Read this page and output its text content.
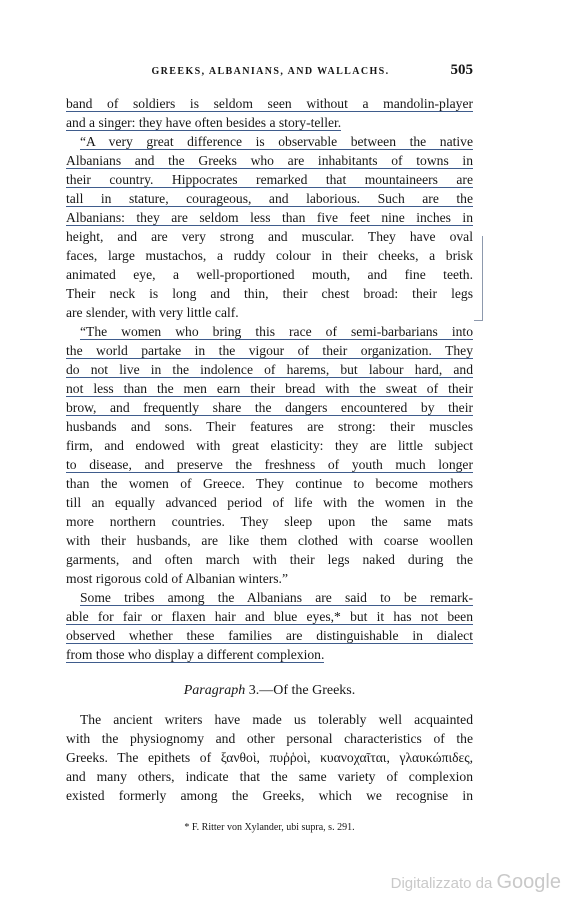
GREEKS, ALBANIANS, AND WALLACHS.	505
band of soldiers is seldom seen without a mandolin-player
and a singer: they have often besides a story-teller.
“A very great difference is observable between the native
Albanians and the Greeks who are inhabitants of towns in
their country. Hippocrates remarked that mountaineers are
tall in stature, courageous, and laborious. Such are the
Albanians: they are seldom less than five feet nine inches in
height, and are very strong and muscular. They have oval
faces, large mustachos, a ruddy colour in their cheeks, a brisk
animated eye, a well-proportioned mouth, and fine teeth.
Their neck is long and thin, their chest broad: their legs
are slender, with very little calf.
“The women who bring this race of semi-barbarians into
the world partake in the vigour of their organization. They
do not live in the indolence of harems, but labour hard, and
not less than the men earn their bread with the sweat of their
brow, and frequently share the dangers encountered by their
husbands and sons. Their features are strong: their muscles
firm, and endowed with great elasticity: they are little subject
to disease, and preserve the freshness of youth much longer
than the women of Greece. They continue to become mothers
till an equally advanced period of life with the women in the
more northern countries. They sleep upon the same mats
with their husbands, are like them clothed with coarse woollen
garments, and often march with their legs naked during the
most rigorous cold of Albanian winters.”
Some tribes among the Albanians are said to be remark-
able for fair or flaxen hair and blue eyes,* but it has not been
observed whether these families are distinguishable in dialect
from those who display a different complexion.
Paragraph 3.—Of the Greeks.
The ancient writers have made us tolerably well acquainted
with the physiognomy and other personal characteristics of the
Greeks. The epithets of ξανθοὶ, πυῤῥοὶ, κυανοχαῖται, γλαυκώπιδες,
and many others, indicate that the same variety of complexion
existed formerly among the Greeks, which we recognise in
* F. Ritter von Xylander, ubi supra, s. 291.
Digitalizzato da Google
